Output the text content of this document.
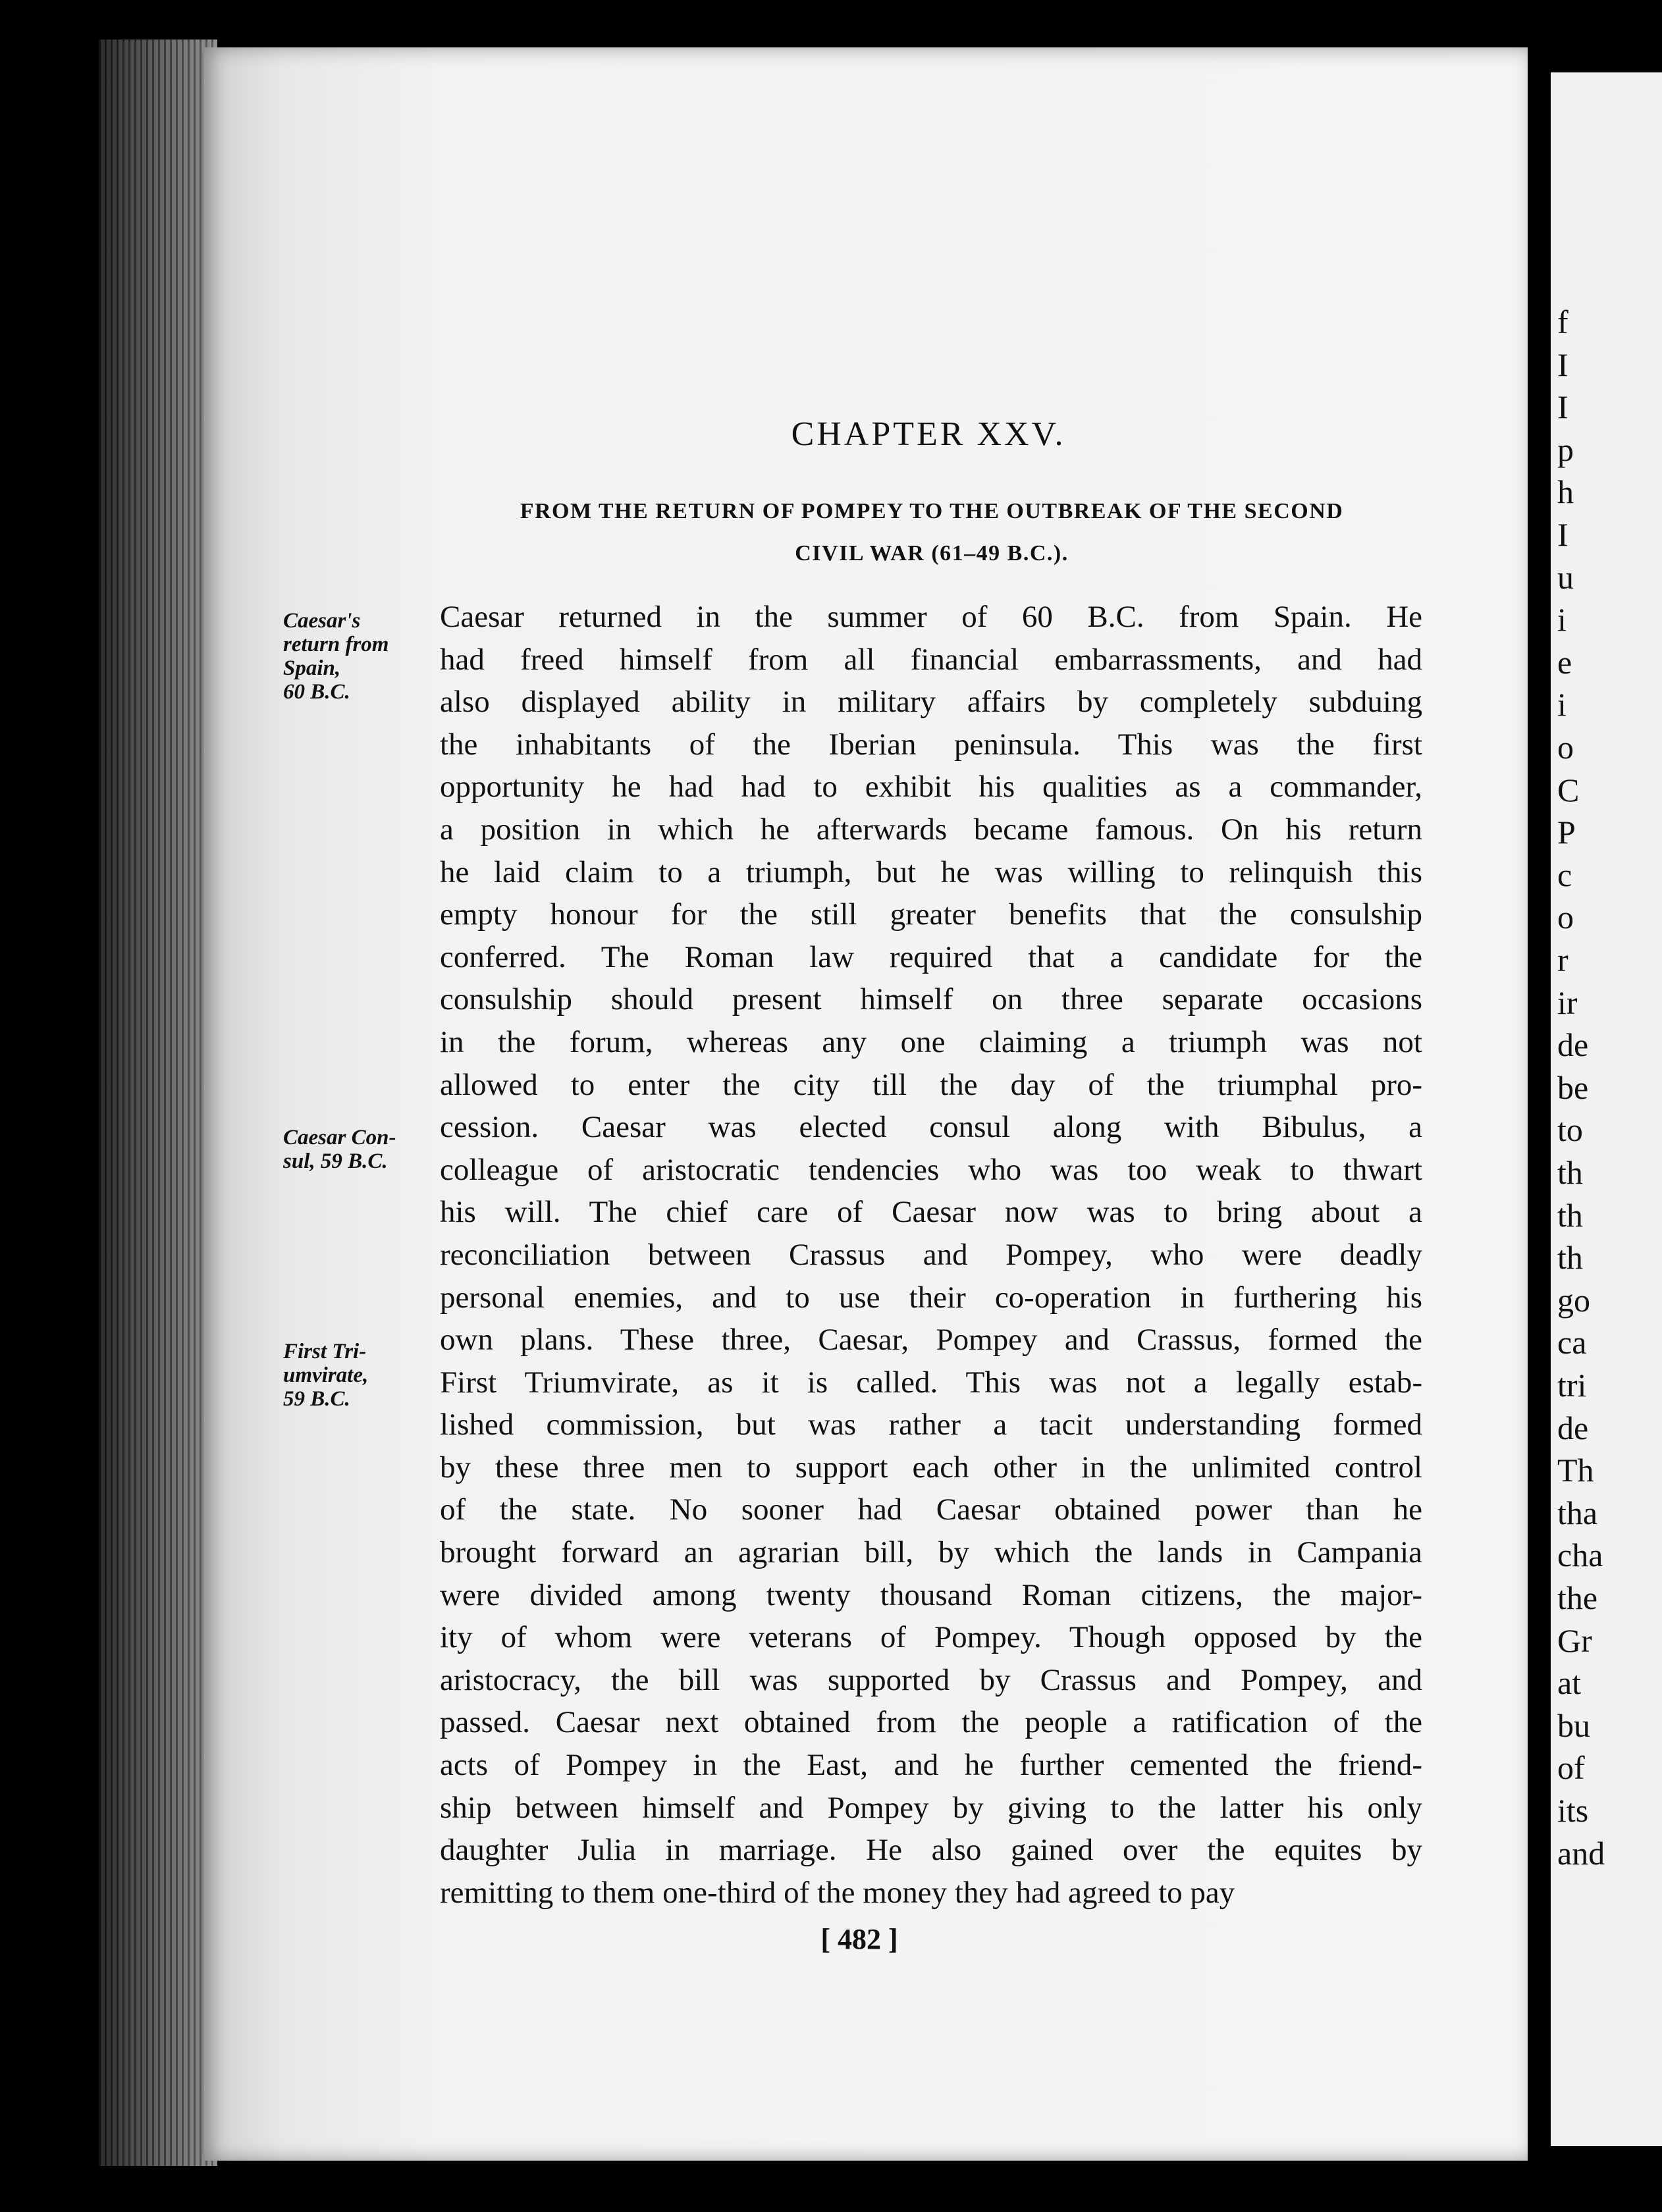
f
I
I
p
h
I
u
i
e
i
o
C
P
c
o
r
ir
de
be
to
th
th
th
go
ca
tri
de
Th
tha
cha
the
Gr
at
bu
of
its
and
CHAPTER XXV.
FROM THE RETURN OF POMPEY TO THE OUTBREAK OF THE SECOND
CIVIL WAR (61–49 B.C.).
Caesar's
return from
Spain,
60 B.C.
Caesar Con-
sul, 59 B.C.
First Tri-
umvirate,
59 B.C.
Caesar returned in the summer of 60 B.C. from Spain. He
had freed himself from all financial embarrassments, and had
also displayed ability in military affairs by completely subduing
the inhabitants of the Iberian peninsula. This was the first
opportunity he had had to exhibit his qualities as a commander,
a position in which he afterwards became famous. On his return
he laid claim to a triumph, but he was willing to relinquish this
empty honour for the still greater benefits that the consulship
conferred. The Roman law required that a candidate for the
consulship should present himself on three separate occasions
in the forum, whereas any one claiming a triumph was not
allowed to enter the city till the day of the triumphal pro-
cession. Caesar was elected consul along with Bibulus, a
colleague of aristocratic tendencies who was too weak to thwart
his will. The chief care of Caesar now was to bring about a
reconciliation between Crassus and Pompey, who were deadly
personal enemies, and to use their co-operation in furthering his
own plans. These three, Caesar, Pompey and Crassus, formed the
First Triumvirate, as it is called. This was not a legally estab-
lished commission, but was rather a tacit understanding formed
by these three men to support each other in the unlimited control
of the state. No sooner had Caesar obtained power than he
brought forward an agrarian bill, by which the lands in Campania
were divided among twenty thousand Roman citizens, the major-
ity of whom were veterans of Pompey. Though opposed by the
aristocracy, the bill was supported by Crassus and Pompey, and
passed. Caesar next obtained from the people a ratification of the
acts of Pompey in the East, and he further cemented the friend-
ship between himself and Pompey by giving to the latter his only
daughter Julia in marriage. He also gained over the equites by
remitting to them one-third of the money they had agreed to pay
[ 482 ]
